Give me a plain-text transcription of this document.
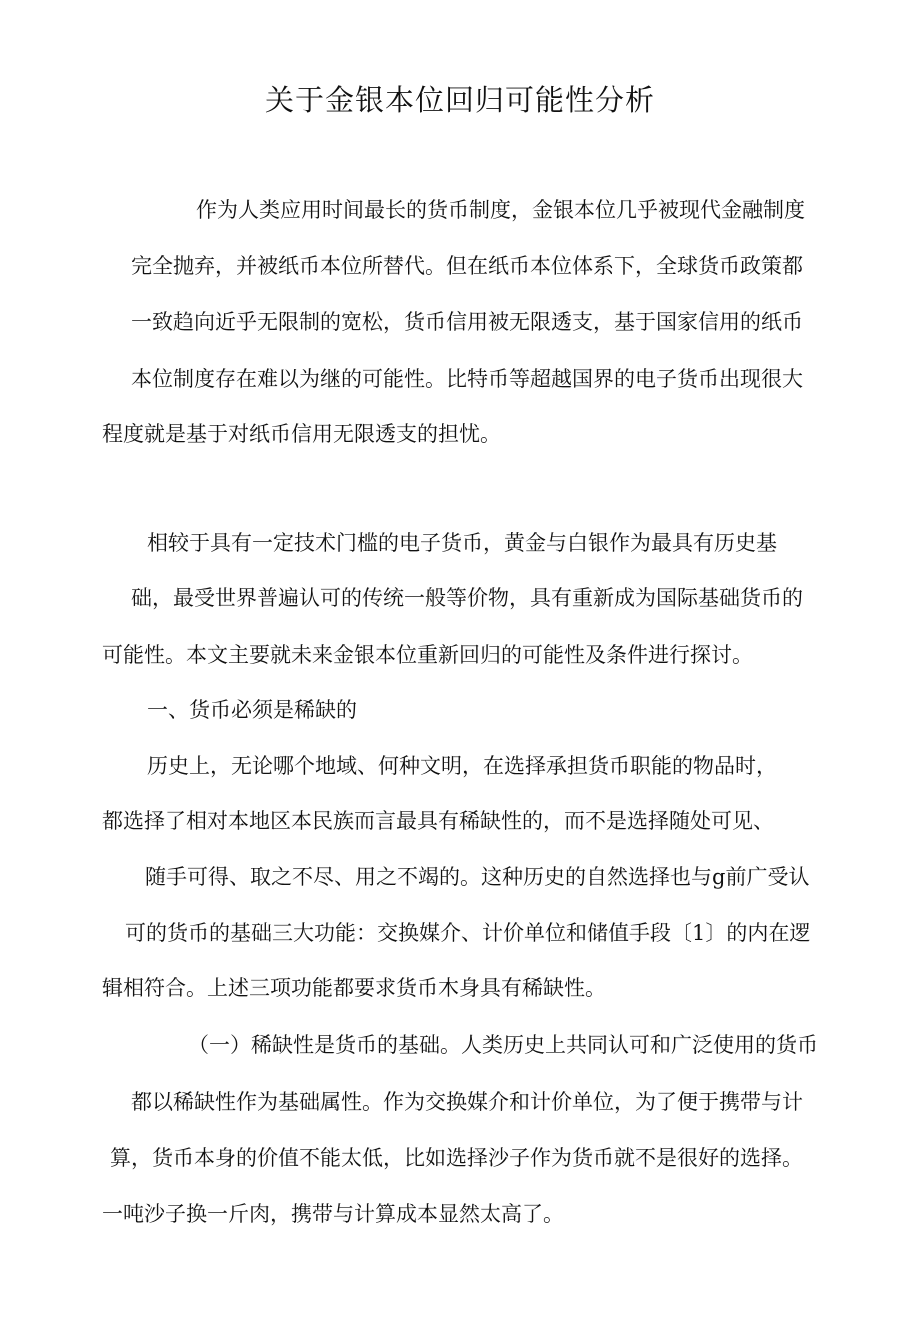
关于金银本位回归可能性分析

作为人类应用时间最长的货币制度，金银本位几乎被现代金融制度

完全抛弃，并被纸币本位所替代。但在纸币本位体系下，全球货币政策都

一致趋向近乎无限制的宽松，货币信用被无限透支，基于国家信用的纸币

本位制度存在难以为继的可能性。比特币等超越国界的电子货币出现很大

程度就是基于对纸币信用无限透支的担忧。

相较于具有一定技术门槛的电子货币，黄金与白银作为最具有历史基

础，最受世界普遍认可的传统一般等价物，具有重新成为国际基础货币的

可能性。本文主要就未来金银本位重新回归的可能性及条件进行探讨。

一、货币必须是稀缺的

历史上，无论哪个地域、何种文明，在选择承担货币职能的物品时，

都选择了相对本地区本民族而言最具有稀缺性的，而不是选择随处可见、

随手可得、取之不尽、用之不竭的。这种历史的自然选择也与g前广受认

可的货币的基础三大功能：交换媒介、计价单位和储值手段〔1〕的内在逻

辑相符合。上述三项功能都要求货币木身具有稀缺性。

（一）稀缺性是货币的基础。人类历史上共同认可和广泛使用的货币

都以稀缺性作为基础属性。作为交换媒介和计价单位，为了便于携带与计

算，货币本身的价值不能太低，比如选择沙子作为货币就不是很好的选择。

一吨沙子换一斤肉，携带与计算成本显然太高了。
